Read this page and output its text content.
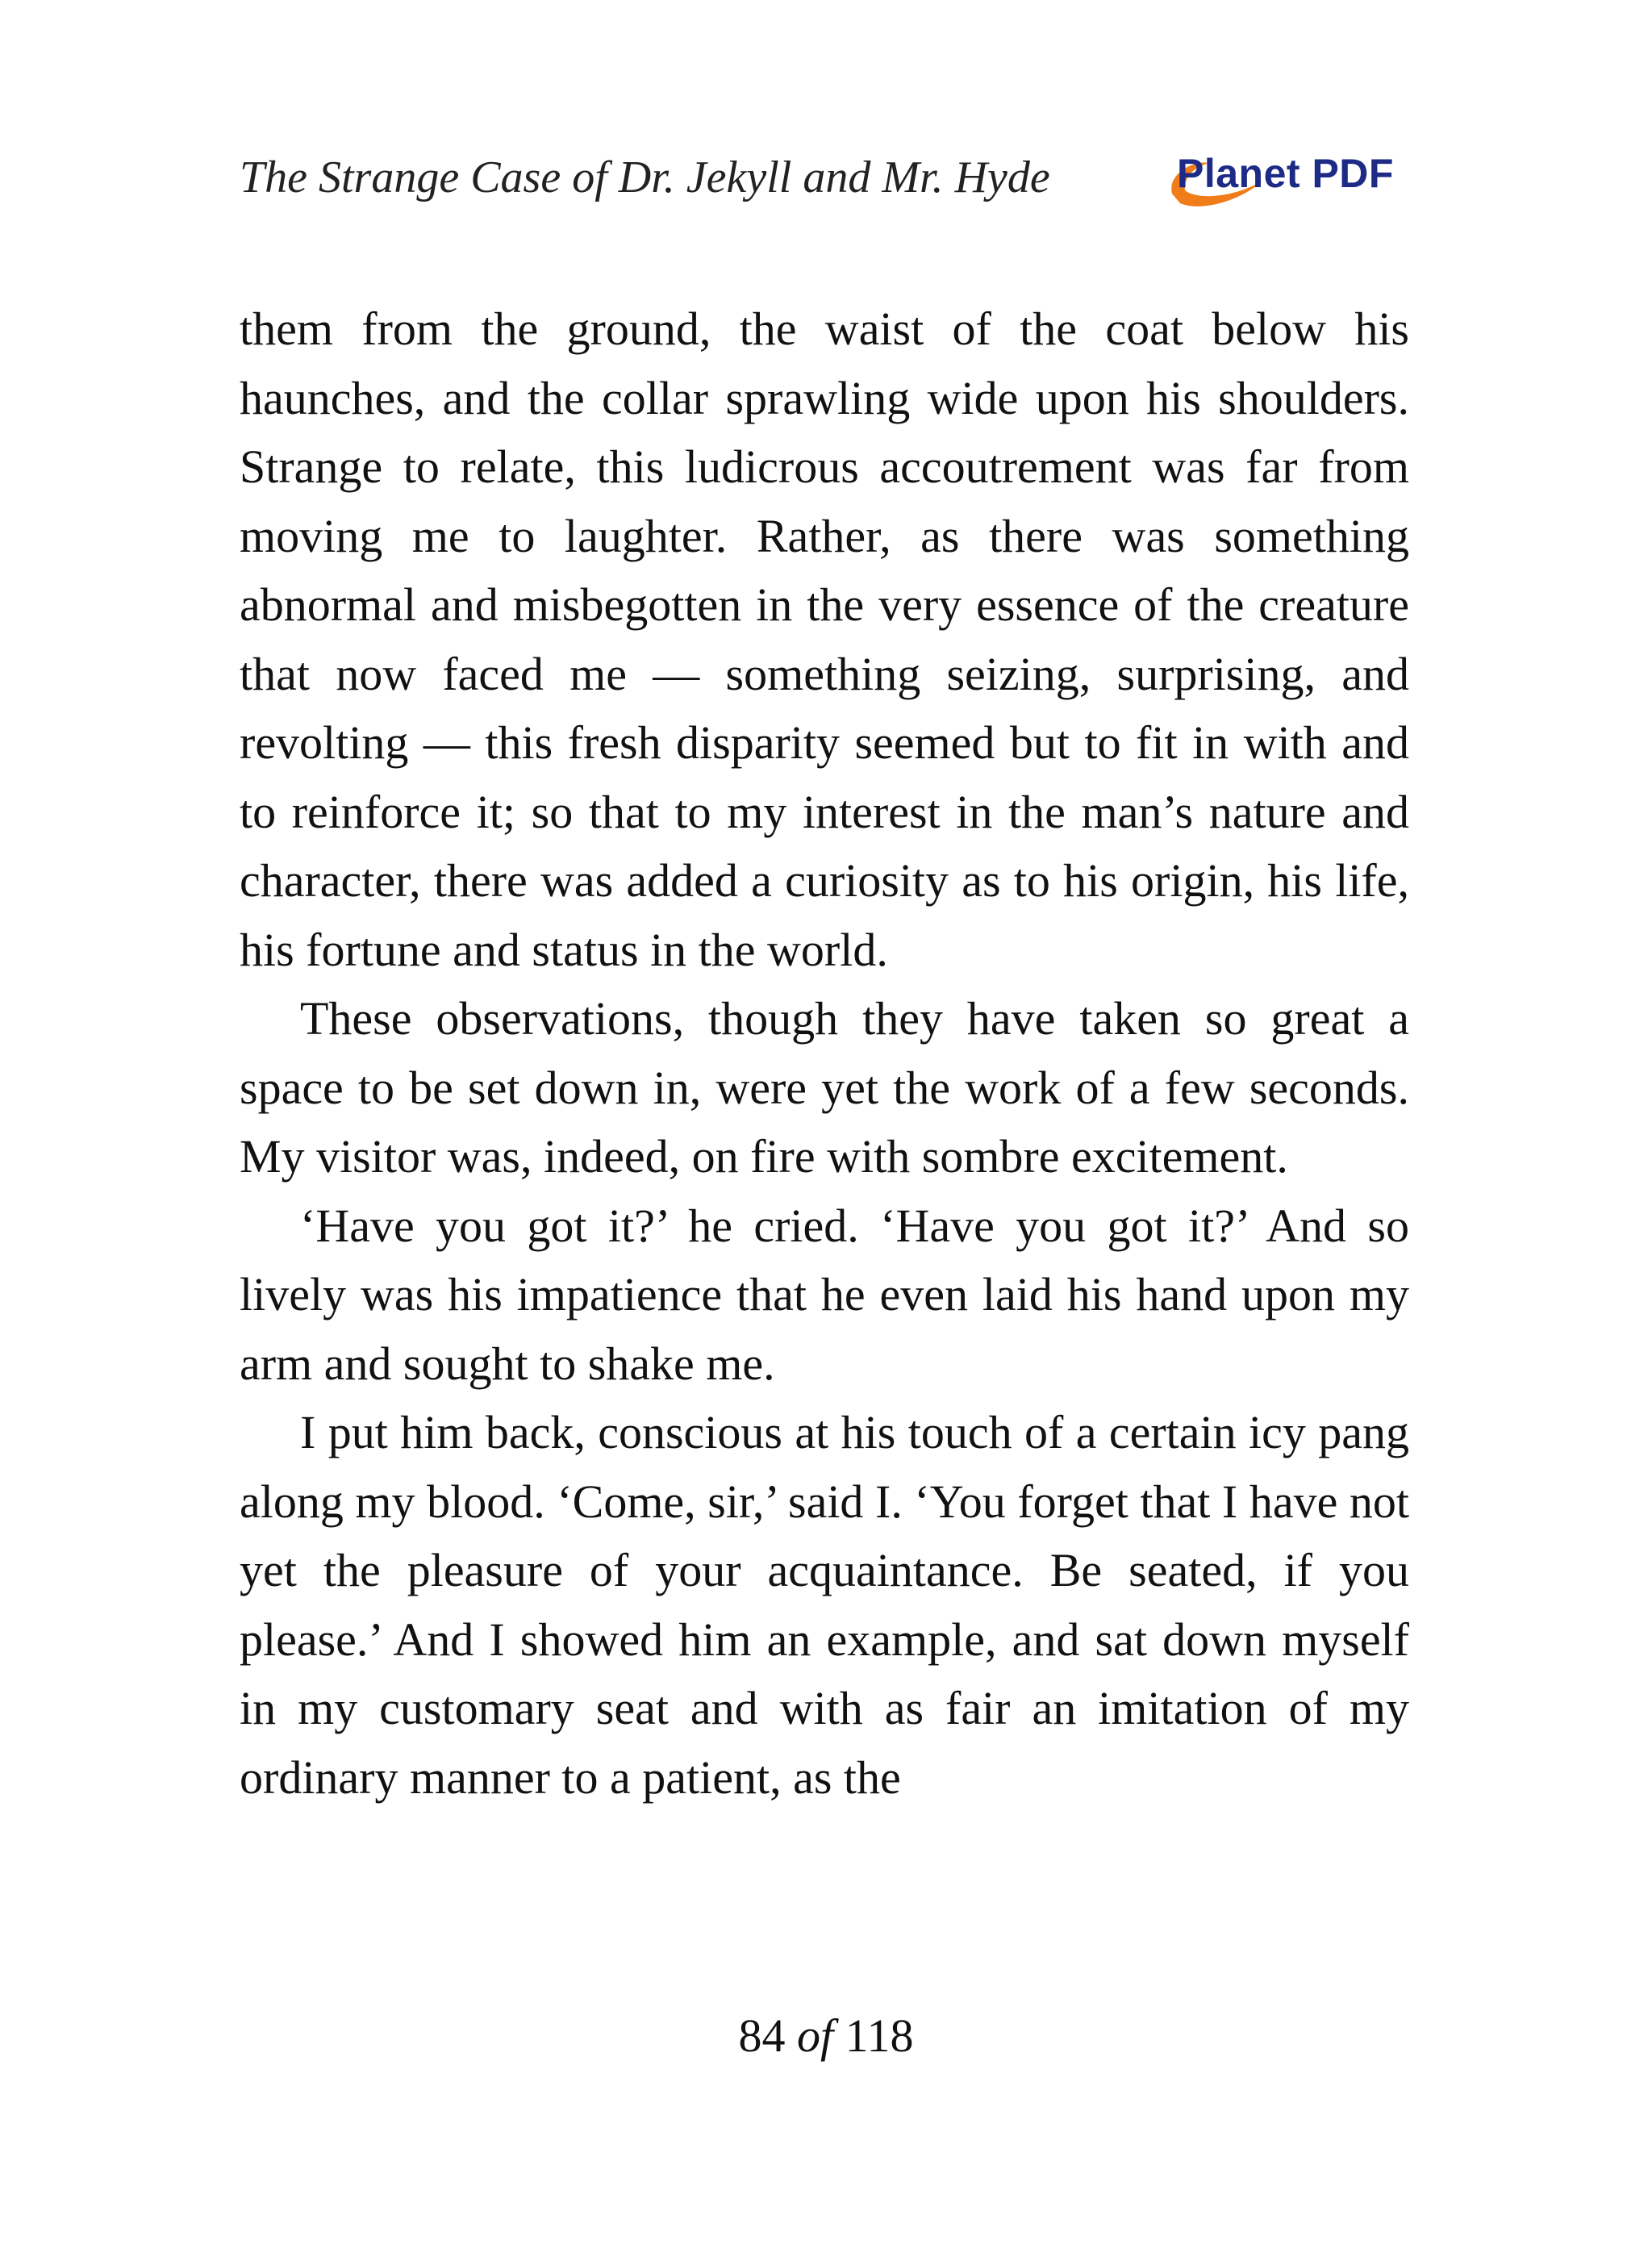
The Strange Case of Dr. Jekyll and Mr. Hyde	Planet PDF

them from the ground, the waist of the coat below his haunches, and the collar sprawling wide upon his shoulders. Strange to relate, this ludicrous accoutrement was far from moving me to laughter. Rather, as there was something abnormal and misbegotten in the very essence of the creature that now faced me — something seizing, surprising, and revolting — this fresh disparity seemed but to fit in with and to reinforce it; so that to my interest in the man’s nature and character, there was added a curiosity as to his origin, his life, his fortune and status in the world.

These observations, though they have taken so great a space to be set down in, were yet the work of a few seconds. My visitor was, indeed, on fire with sombre excitement.

‘Have you got it?’ he cried. ‘Have you got it?’ And so lively was his impatience that he even laid his hand upon my arm and sought to shake me.

I put him back, conscious at his touch of a certain icy pang along my blood. ‘Come, sir,’ said I. ‘You forget that I have not yet the pleasure of your acquaintance. Be seated, if you please.’ And I showed him an example, and sat down myself in my customary seat and with as fair an imitation of my ordinary manner to a patient, as the

84 of 118
